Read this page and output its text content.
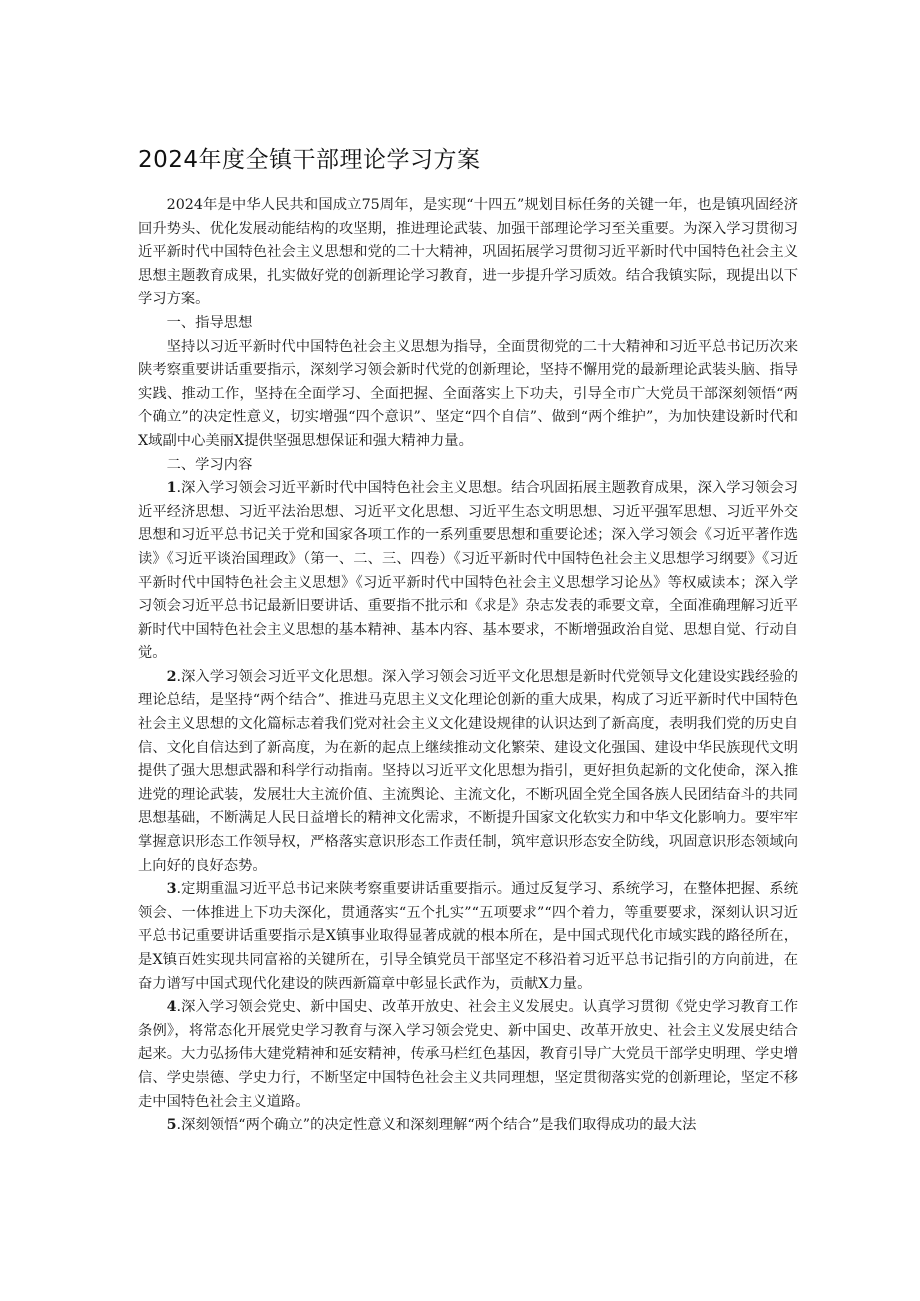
2024年度全镇干部理论学习方案

2024年是中华人民共和国成立75周年，是实现“十四五”规划目标任务的关键一年，也是镇巩固经济回升势头、优化发展动能结构的攻坚期，推进理论武装、加强干部理论学习至关重要。为深入学习贯彻习近平新时代中国特色社会主义思想和党的二十大精神，巩固拓展学习贯彻习近平新时代中国特色社会主义思想主题教育成果，扎实做好党的创新理论学习教育，进一步提升学习质效。结合我镇实际，现提出以下学习方案。

一、指导思想

坚持以习近平新时代中国特色社会主义思想为指导，全面贯彻党的二十大精神和习近平总书记历次来陕考察重要讲话重要指示，深刻学习领会新时代党的创新理论，坚持不懈用党的最新理论武装头脑、指导实践、推动工作，坚持在全面学习、全面把握、全面落实上下功夫，引导全市广大党员干部深刻领悟“两个确立”的决定性意义，切实增强“四个意识”、坚定“四个自信”、做到“两个维护”，为加快建设新时代和X域副中心美丽X提供坚强思想保证和强大精神力量。

二、学习内容

1.深入学习领会习近平新时代中国特色社会主义思想。结合巩固拓展主题教育成果，深入学习领会习近平经济思想、习近平法治思想、习近平文化思想、习近平生态文明思想、习近平强军思想、习近平外交思想和习近平总书记关于党和国家各项工作的一系列重要思想和重要论述；深入学习领会《习近平著作选读》《习近平谈治国理政》（第一、二、三、四卷）《习近平新时代中国特色社会主义思想学习纲要》《习近平新时代中国特色社会主义思想》《习近平新时代中国特色社会主义思想学习论丛》等权威读本；深入学习领会习近平总书记最新旧要讲话、重要指不批示和《求是》杂志发表的乖要文章，全面准确理解习近平新时代中国特色社会主义思想的基本精神、基本内容、基本要求，不断增强政治自觉、思想自觉、行动自觉。

2.深入学习领会习近平文化思想。深入学习领会习近平文化思想是新时代党领导文化建设实践经验的理论总结，是坚持“两个结合”、推进马克思主义文化理论创新的重大成果，构成了习近平新时代中国特色社会主义思想的文化篇标志着我们党对社会主义文化建设规律的认识达到了新高度，表明我们党的历史自信、文化自信达到了新高度，为在新的起点上继续推动文化繁荣、建设文化强国、建设中华民族现代文明提供了强大思想武器和科学行动指南。坚持以习近平文化思想为指引，更好担负起新的文化使命，深入推进党的理论武装，发展壮大主流价值、主流舆论、主流文化，不断巩固全党全国各族人民团结奋斗的共同思想基础，不断满足人民日益增长的精神文化需求，不断提升国家文化软实力和中华文化影响力。要牢牢掌握意识形态工作领导权，严格落实意识形态工作责任制，筑牢意识形态安全防线，巩固意识形态领域向上向好的良好态势。

3.定期重温习近平总书记来陕考察重要讲话重要指示。通过反复学习、系统学习，在整体把握、系统领会、一体推进上下功夫深化，贯通落实“五个扎实”“五项要求”“四个着力，等重要要求，深刻认识习近平总书记重要讲话重要指示是X镇事业取得显著成就的根本所在，是中国式现代化市域实践的路径所在，是X镇百姓实现共同富裕的关键所在，引导全镇党员干部坚定不移沿着习近平总书记指引的方向前进，在奋力谱写中国式现代化建设的陕西新篇章中彰显长武作为，贡献X力量。

4.深入学习领会党史、新中国史、改革开放史、社会主义发展史。认真学习贯彻《党史学习教育工作条例》，将常态化开展党史学习教育与深入学习领会党史、新中国史、改革开放史、社会主义发展史结合起来。大力弘扬伟大建党精神和延安精神，传承马栏红色基因，教育引导广大党员干部学史明理、学史增信、学史崇德、学史力行，不断坚定中国特色社会主义共同理想，坚定贯彻落实党的创新理论，坚定不移走中国特色社会主义道路。

5.深刻领悟“两个确立”的决定性意义和深刻理解“两个结合”是我们取得成功的最大法
